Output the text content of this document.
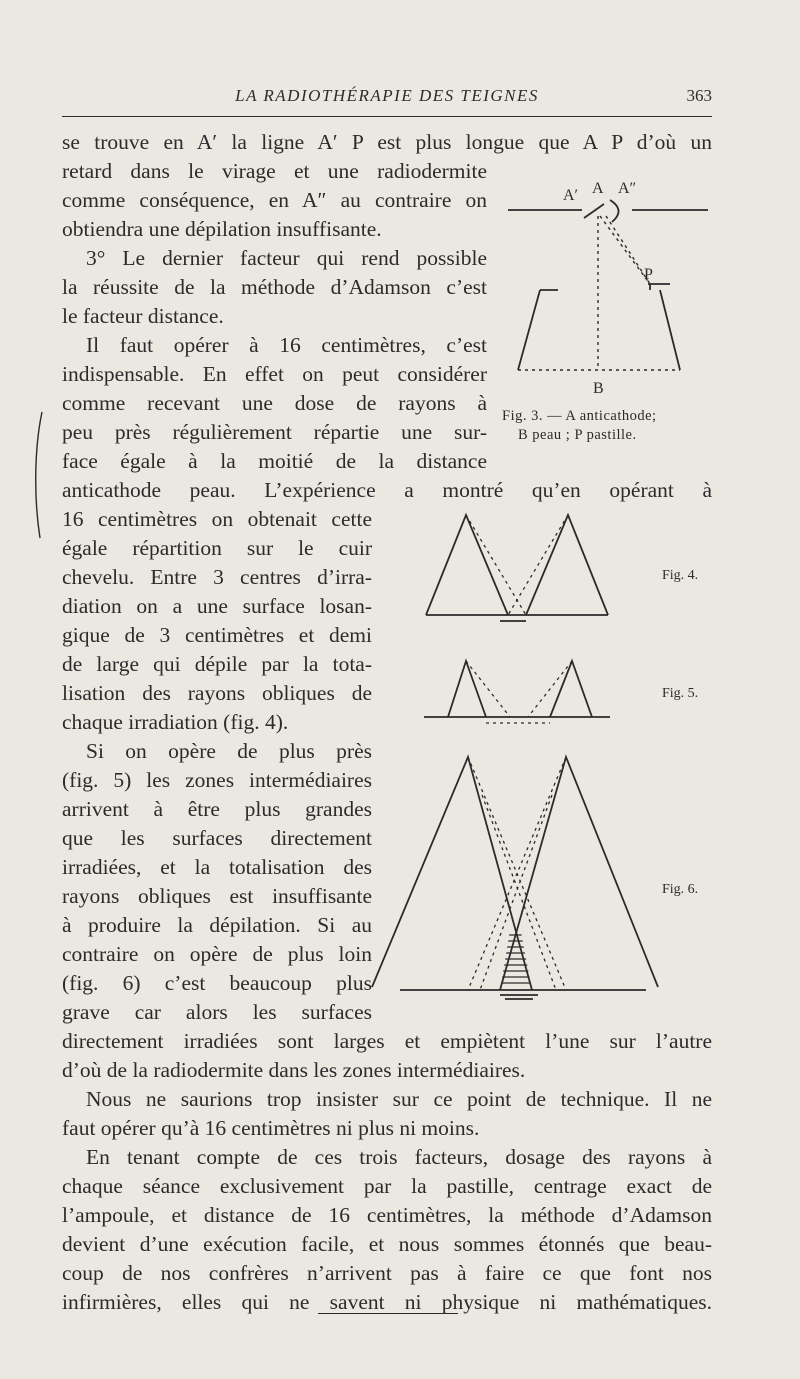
LA RADIOTHÉRAPIE DES TEIGNES	363
se trouve en A′ la ligne A′ P est plus longue que A P d’où un
retard dans le virage et une radiodermite
comme conséquence, en A″ au contraire on
obtiendra une dépilation insuffisante.
3° Le dernier facteur qui rend possible
la réussite de la méthode d’Adamson c’est
le facteur distance.
Il faut opérer à 16 centimètres, c’est
indispensable. En effet on peut considérer
comme recevant une dose de rayons à
peu près régulièrement répartie une sur-
face égale à la moitié de la distance
anticathode peau. L’expérience a montré qu’en opérant à
16 centimètres on obtenait cette
égale répartition sur le cuir
chevelu. Entre 3 centres d’irra-
diation on a une surface losan-
gique de 3 centimètres et demi
de large qui dépile par la tota-
lisation des rayons obliques de
chaque irradiation (fig. 4).
Si on opère de plus près
(fig. 5) les zones intermédiaires
arrivent à être plus grandes
que les surfaces directement
irradiées, et la totalisation des
rayons obliques est insuffisante
à produire la dépilation. Si au
contraire on opère de plus loin
(fig. 6) c’est beaucoup plus
grave car alors les surfaces
directement irradiées sont larges et empiètent l’une sur l’autre
d’où de la radiodermite dans les zones intermédiaires.
Nous ne saurions trop insister sur ce point de technique. Il ne
faut opérer qu’à 16 centimètres ni plus ni moins.
En tenant compte de ces trois facteurs, dosage des rayons à
chaque séance exclusivement par la pastille, centrage exact de
l’ampoule, et distance de 16 centimètres, la méthode d’Adamson
devient d’une exécution facile, et nous sommes étonnés que beau-
coup de nos confrères n’arrivent pas à faire ce que font nos
infirmières, elles qui ne savent ni physique ni mathématiques.
A′ A A″
P
B
Fig. 3. — A anticathode;
B peau ; P pastille.
Fig. 4.
Fig. 5.
Fig. 6.
